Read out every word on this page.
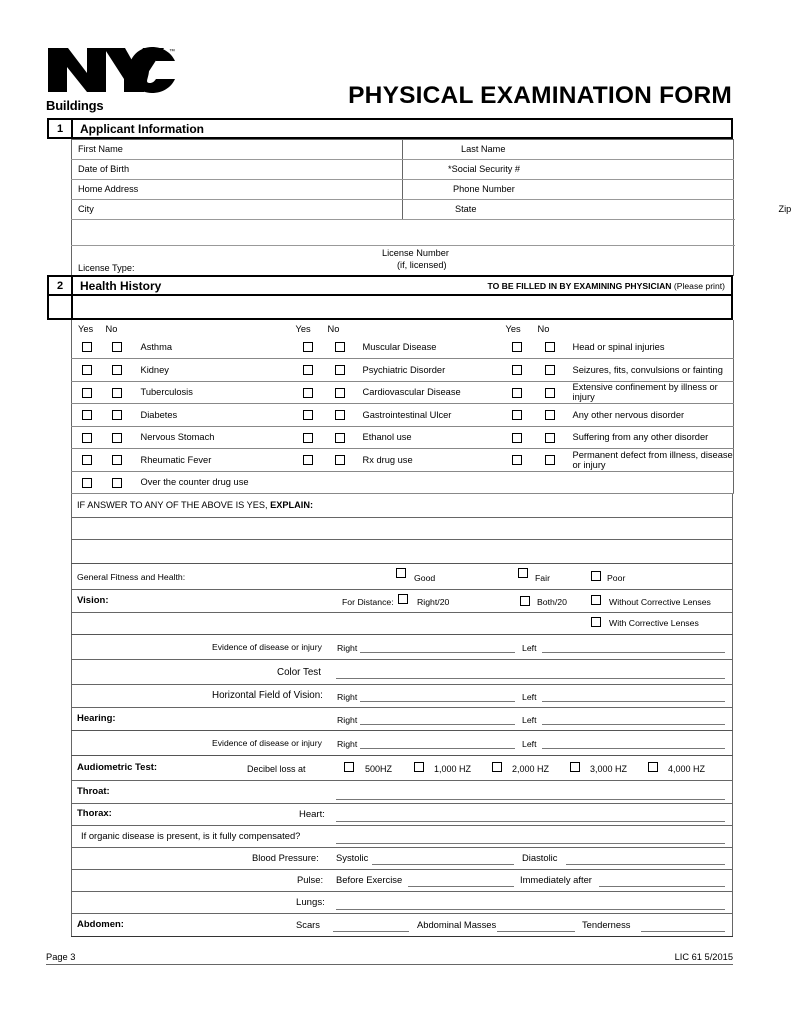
™
Buildings	PHYSICAL EXAMINATION FORM
1	Applicant Information
First Name	Last Name	
Date of Birth	*Social Security #	
Home Address	Phone Number	
City	State	Zip

License Type:
License Number
(if, licensed)		
2	Health History	TO BE FILLED IN BY EXAMINING PHYSICIAN (Please print)
Yes	No		Yes	No		Yes	No	
		Asthma			Muscular Disease			Head or spinal injuries
		Kidney			Psychiatric Disorder			Seizures, fits, convulsions or fainting
		Tuberculosis			Cardiovascular Disease			Extensive confinement by illness or injury
		Diabetes			Gastrointestinal Ulcer			Any other nervous disorder
		Nervous Stomach			Ethanol use			Suffering from any other disorder
		Rheumatic Fever			Rx drug use			Permanent defect from illness, disease or injury
		Over the counter drug use						
IF ANSWER TO ANY OF THE ABOVE IS YES, EXPLAIN:

General Fitness and Health:	Good	Fair	Poor

Vision:	For Distance:	Right/20	Both/20	Without Corrective Lenses

With Corrective Lenses

Evidence of disease or injury Right	Left

Color Test

Horizontal Field of Vision: Right	Left

Hearing:	Right	Left

Evidence of disease or injury Right	Left

Audiometric Test:	Decibel loss at	500HZ	1,000 HZ	2,000 HZ	3,000 HZ	4,000 HZ

Throat:

Thorax:	Heart:

If organic disease is present, is it fully compensated?

Blood Pressure: Systolic	Diastolic

Pulse: Before Exercise	Immediately after

Lungs:

Abdomen:	Scars	Abdominal Masses	Tenderness
Page 3	LIC 61 5/2015
